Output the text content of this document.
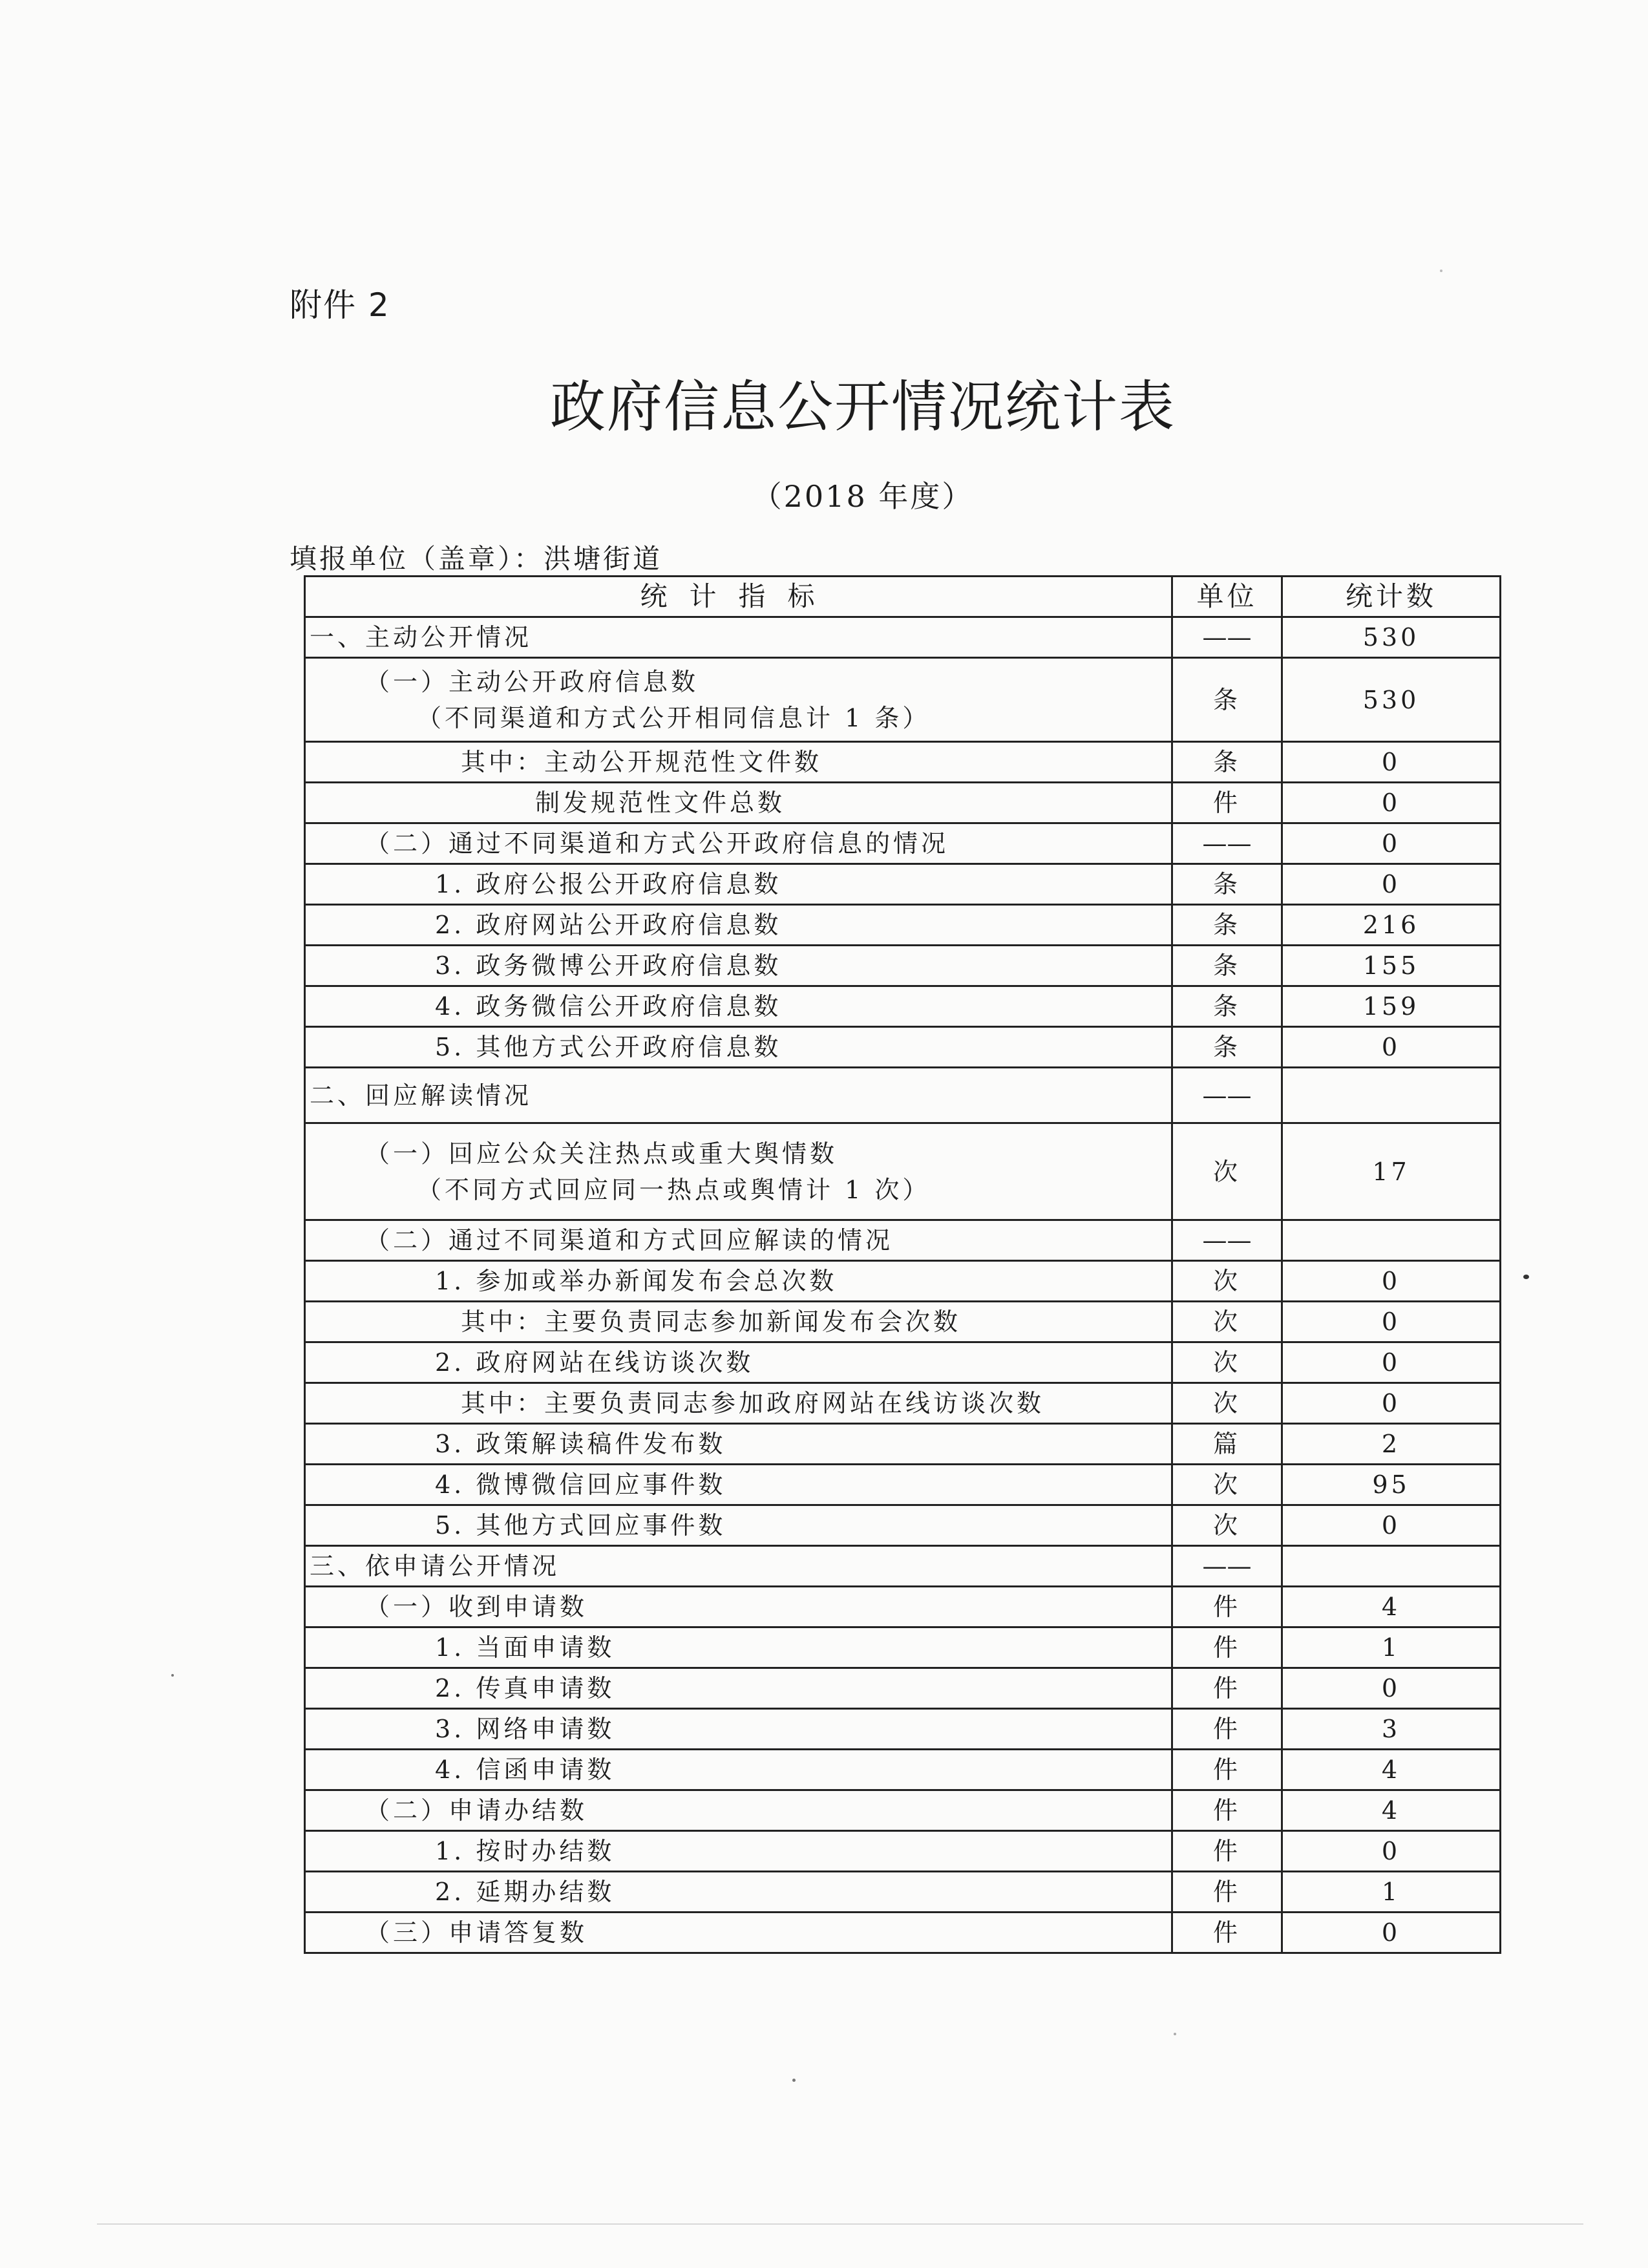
附件 2
政府信息公开情况统计表
（2018 年度）
填报单位（盖章）：洪塘街道
统计指标	单位	统计数

一、主动公开情况	——	530

（一）主动公开政府信息数
（不同渠道和方式公开相同信息计 1 条）	条	530

其中：主动公开规范性文件数	条	0

制发规范性文件总数	件	0

（二）通过不同渠道和方式公开政府信息的情况	——	0

1. 政府公报公开政府信息数	条	0

2. 政府网站公开政府信息数	条	216

3. 政务微博公开政府信息数	条	155

4. 政务微信公开政府信息数	条	159

5. 其他方式公开政府信息数	条	0

二、回应解读情况	——	

（一）回应公众关注热点或重大舆情数
（不同方式回应同一热点或舆情计 1 次）	次	17

（二）通过不同渠道和方式回应解读的情况	——	

1. 参加或举办新闻发布会总次数	次	0

其中：主要负责同志参加新闻发布会次数	次	0

2. 政府网站在线访谈次数	次	0

其中：主要负责同志参加政府网站在线访谈次数	次	0

3. 政策解读稿件发布数	篇	2

4. 微博微信回应事件数	次	95

5. 其他方式回应事件数	次	0

三、依申请公开情况	——	

（一）收到申请数	件	4

1. 当面申请数	件	1

2. 传真申请数	件	0

3. 网络申请数	件	3

4. 信函申请数	件	4

（二）申请办结数	件	4

1. 按时办结数	件	0

2. 延期办结数	件	1

（三）申请答复数	件	0
